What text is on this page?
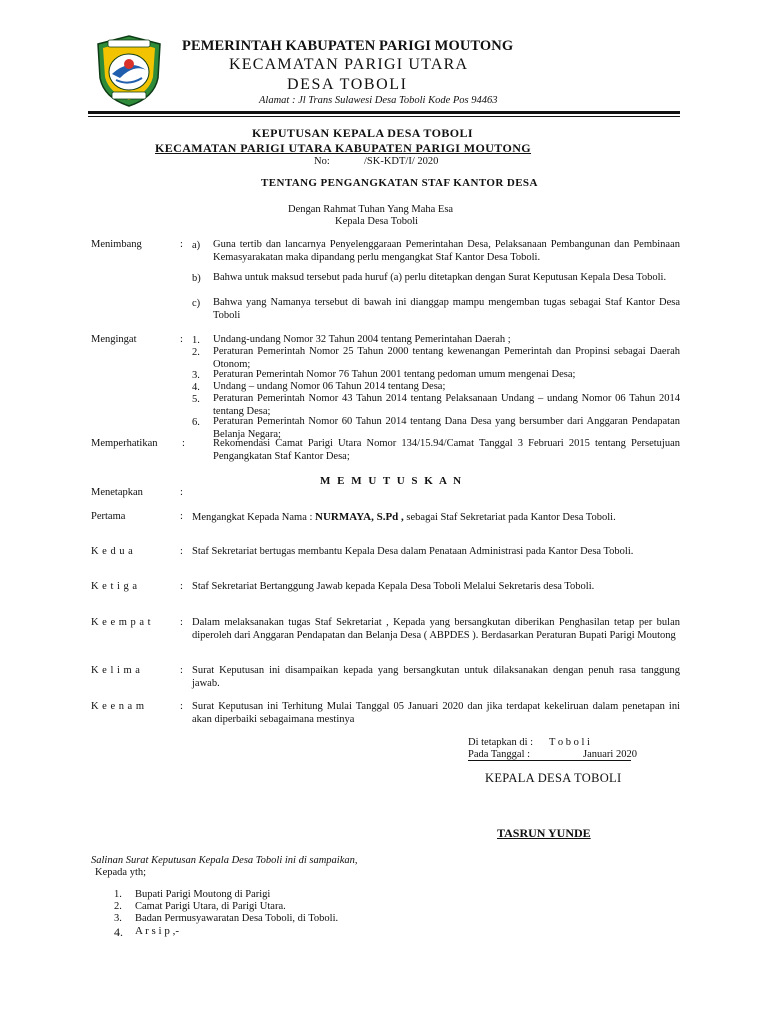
PEMERINTAH KABUPATEN PARIGI MOUTONG
KECAMATAN PARIGI UTARA
DESA TOBOLI
Alamat : Jl Trans Sulawesi Desa Toboli Kode Pos 94463
KEPUTUSAN KEPALA DESA TOBOLI
KECAMATAN PARIGI UTARA KABUPATEN PARIGI MOUTONG
No:	/SK-KDT/I/ 2020
TENTANG PENGANGKATAN STAF KANTOR DESA
Dengan Rahmat Tuhan Yang Maha Esa
Kepala Desa Toboli
Menimbang	: a) Guna tertib dan lancarnya Penyelenggaraan Pemerintahan Desa, Pelaksanaan Pembangunan dan Pembinaan Kemasyarakatan maka dipandang perlu mengangkat Staf Kantor Desa Toboli.
b) Bahwa untuk maksud tersebut pada huruf (a) perlu ditetapkan dengan Surat Keputusan Kepala Desa Toboli.
c) Bahwa yang Namanya tersebut di bawah ini dianggap mampu mengemban tugas sebagai Staf Kantor Desa Toboli
Mengingat	: 1. Undang-undang Nomor 32 Tahun 2004 tentang Pemerintahan Daerah ;
2. Peraturan Pemerintah Nomor 25 Tahun 2000 tentang kewenangan Pemerintah dan Propinsi sebagai Daerah Otonom;
3. Peraturan Pemerintah Nomor 76 Tahun 2001 tentang pedoman umum mengenai Desa;
4. Undang – undang Nomor 06 Tahun 2014 tentang Desa;
5. Peraturan Pemerintah Nomor 43 Tahun 2014 tentang Pelaksanaan Undang – undang Nomor 06 Tahun 2014 tentang Desa;
6. Peraturan Pemerintah Nomor 60 Tahun 2014 tentang Dana Desa yang bersumber dari Anggaran Pendapatan Belanja Negara;
Memperhatikan :	Rekomendasi Camat Parigi Utara Nomor 134/15.94/Camat Tanggal 3 Februari 2015 tentang Persetujuan Pengangkatan Staf Kantor Desa;
M E M U T U S K A N
Menetapkan	:
Pertama	: Mengangkat Kepada Nama : NURMAYA, S.Pd , sebagai Staf Sekretariat pada Kantor Desa Toboli.
Kedua	: Staf Sekretariat bertugas membantu Kepala Desa dalam Penataan Administrasi pada Kantor Desa Toboli.
Ketiga	: Staf Sekretariat Bertanggung Jawab kepada Kepala Desa Toboli Melalui Sekretaris desa Toboli.
Keempat : Dalam melaksanakan tugas Staf Sekretariat , Kepada yang bersangkutan diberikan Penghasilan tetap per bulan diperoleh dari Anggaran Pendapatan dan Belanja Desa ( ABPDES ). Berdasarkan Peraturan Bupati Parigi Moutong
Kelima	: Surat Keputusan ini disampaikan kepada yang bersangkutan untuk dilaksanakan dengan penuh rasa tanggung jawab.
Keenam	: Surat Keputusan ini Terhitung Mulai Tanggal 05 Januari 2020 dan jika terdapat kekeliruan dalam penetapan ini akan diperbaiki sebagaimana mestinya
Di tetapkan di : T o b o l i
Pada Tanggal :	Januari 2020
KEPALA DESA TOBOLI
TASRUN YUNDE
Salinan Surat Keputusan Kepala Desa Toboli ini di sampaikan,
Kepada yth;
1. Bupati Parigi Moutong di Parigi
2. Camat Parigi Utara, di Parigi Utara.
3. Badan Permusyawaratan Desa Toboli, di Toboli.
4. A r s i p ,-
